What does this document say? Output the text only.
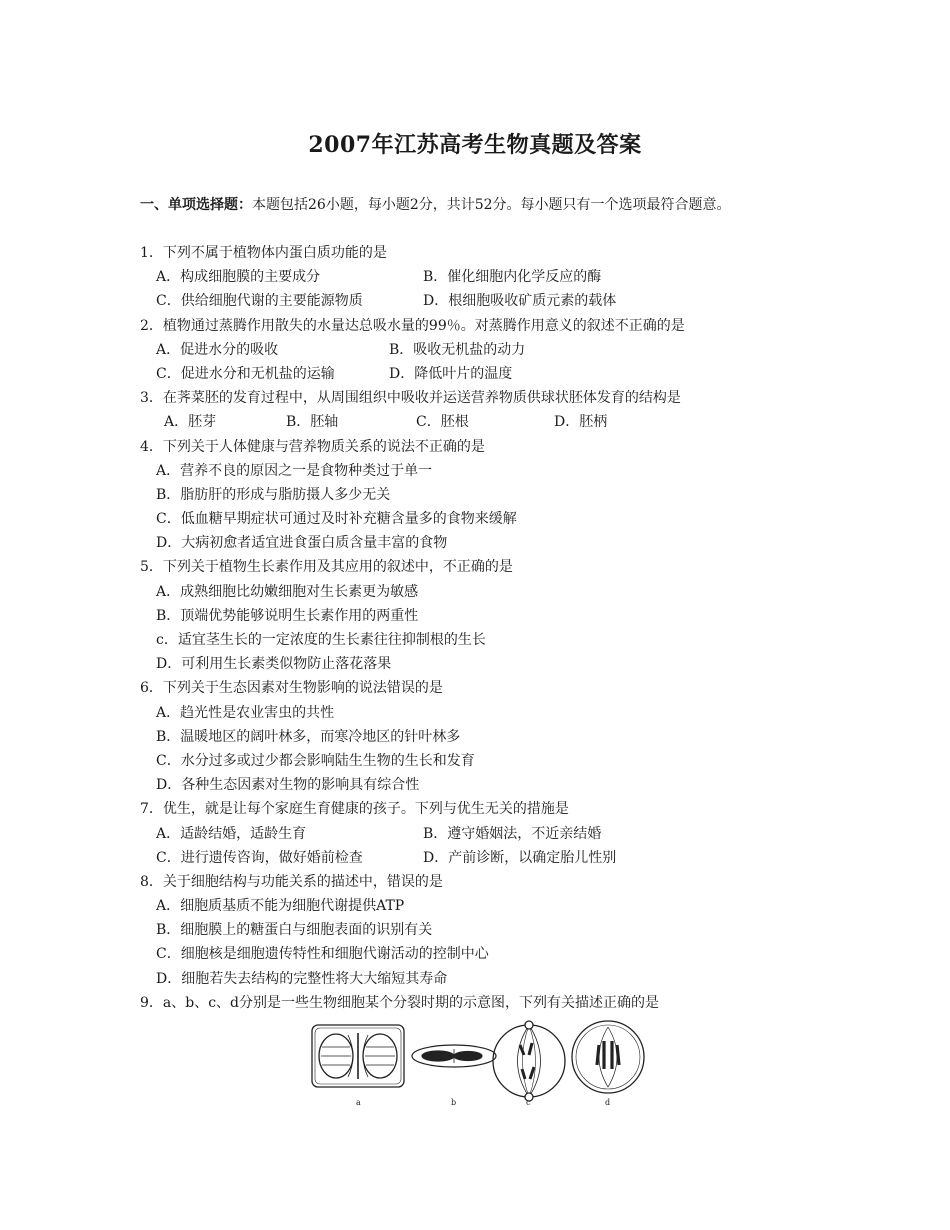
2007年江苏高考生物真题及答案
一、单项选择题：本题包括26小题，每小题2分，共计52分。每小题只有一个选项最符合题意。
1．下列不属于植物体内蛋白质功能的是
A．构成细胞膜的主要成分	B．催化细胞内化学反应的酶
C．供给细胞代谢的主要能源物质	D．根细胞吸收矿质元素的载体
2．植物通过蒸腾作用散失的水量达总吸水量的99％。对蒸腾作用意义的叙述不正确的是
A．促进水分的吸收	B．吸收无机盐的动力
C．促进水分和无机盐的运输	D．降低叶片的温度
3．在荠菜胚的发育过程中，从周围组织中吸收并运送营养物质供球状胚体发育的结构是
A．胚芽	B．胚轴	C．胚根	D．胚柄
4．下列关于人体健康与营养物质关系的说法不正确的是
A．营养不良的原因之一是食物种类过于单一
B．脂肪肝的形成与脂肪摄人多少无关
C．低血糖早期症状可通过及时补充糖含量多的食物来缓解
D．大病初愈者适宜进食蛋白质含量丰富的食物
5．下列关于植物生长素作用及其应用的叙述中，不正确的是
A．成熟细胞比幼嫩细胞对生长素更为敏感
B．顶端优势能够说明生长素作用的两重性
c．适宜茎生长的一定浓度的生长素往往抑制根的生长
D．可利用生长素类似物防止落花落果
6．下列关于生态因素对生物影响的说法错误的是
A．趋光性是农业害虫的共性
B．温暖地区的阔叶林多，而寒冷地区的针叶林多
C．水分过多或过少都会影响陆生生物的生长和发育
D．各种生态因素对生物的影响具有综合性
7．优生，就是让每个家庭生育健康的孩子。下列与优生无关的措施是
A．适龄结婚，适龄生育	B．遵守婚姻法，不近亲结婚
C．进行遗传咨询，做好婚前检查	D．产前诊断，以确定胎儿性别
8．关于细胞结构与功能关系的描述中，错误的是
A．细胞质基质不能为细胞代谢提供ATP
B．细胞膜上的糖蛋白与细胞表面的识别有关
C．细胞核是细胞遗传特性和细胞代谢活动的控制中心
D．细胞若失去结构的完整性将大大缩短其寿命
9．a、b、c、d分别是一些生物细胞某个分裂时期的示意图，下列有关描述正确的是
a	b	c	d
